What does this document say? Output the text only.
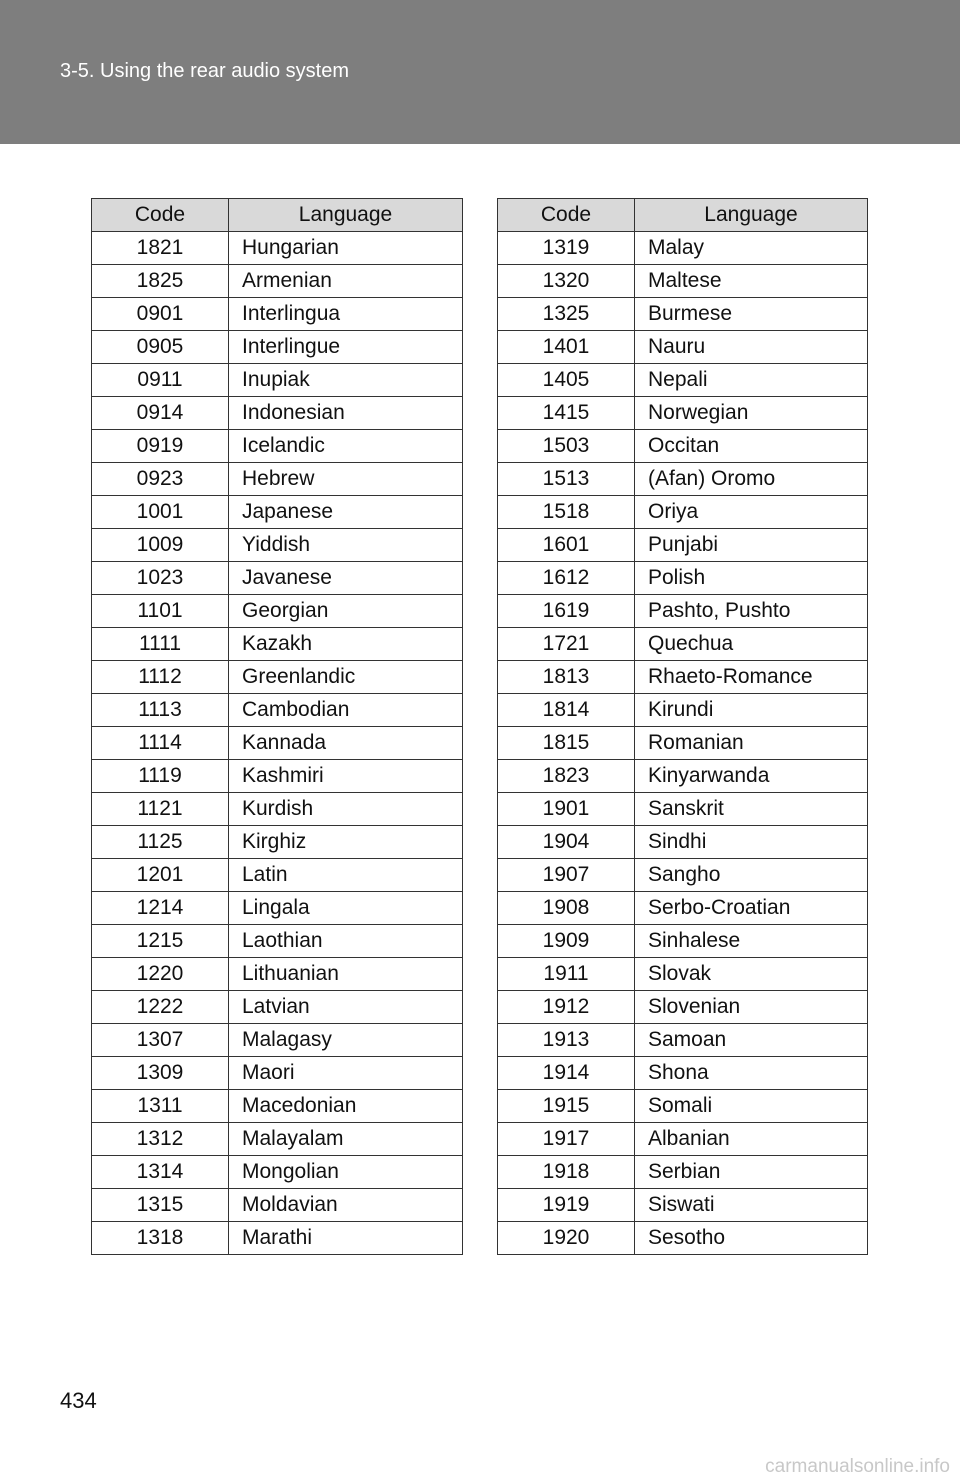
3-5. Using the rear audio system
Code	Language
1821	Hungarian
1825	Armenian
0901	Interlingua
0905	Interlingue
0911	Inupiak
0914	Indonesian
0919	Icelandic
0923	Hebrew
1001	Japanese
1009	Yiddish
1023	Javanese
1101	Georgian
1111	Kazakh
1112	Greenlandic
1113	Cambodian
1114	Kannada
1119	Kashmiri
1121	Kurdish
1125	Kirghiz
1201	Latin
1214	Lingala
1215	Laothian
1220	Lithuanian
1222	Latvian
1307	Malagasy
1309	Maori
1311	Macedonian
1312	Malayalam
1314	Mongolian
1315	Moldavian
1318	Marathi
Code	Language
1319	Malay
1320	Maltese
1325	Burmese
1401	Nauru
1405	Nepali
1415	Norwegian
1503	Occitan
1513	(Afan) Oromo
1518	Oriya
1601	Punjabi
1612	Polish
1619	Pashto, Pushto
1721	Quechua
1813	Rhaeto-Romance
1814	Kirundi
1815	Romanian
1823	Kinyarwanda
1901	Sanskrit
1904	Sindhi
1907	Sangho
1908	Serbo-Croatian
1909	Sinhalese
1911	Slovak
1912	Slovenian
1913	Samoan
1914	Shona
1915	Somali
1917	Albanian
1918	Serbian
1919	Siswati
1920	Sesotho
434
carmanualsonline.info
